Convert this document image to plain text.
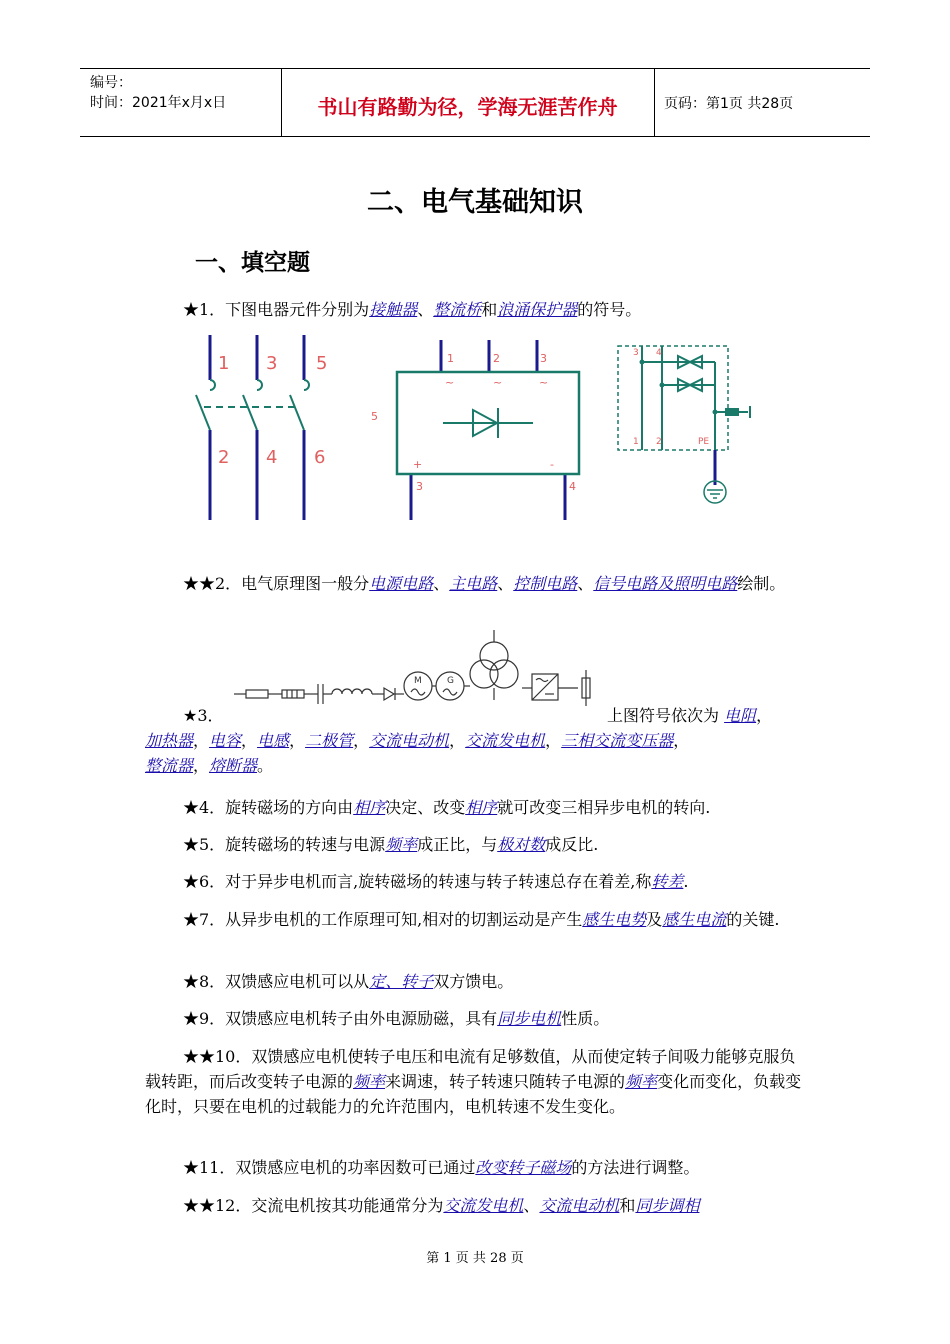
编号：
时间：2021年x月x日	书山有路勤为径，学海无涯苦作舟	页码：第1页 共28页
二、电气基础知识
一、填空题
★1．下图电器元件分别为接触器、整流桥和浪涌保护器的符号。
1 3 5
2 4 6
1	2	3
3	4
+	-
~	~	~
5
3 4
1 2	PE
★★2．电气原理图一般分电源电路、主电路、控制电路、信号电路及照明电路绘制。
M	G
★3．	上图符号依次为 电阻，
加热器，电容，电感，二极管，交流电动机，交流发电机，三相交流变压器，
整流器，熔断器。
★4．旋转磁场的方向由相序决定、改变相序就可改变三相异步电机的转向.
★5．旋转磁场的转速与电源频率成正比，与极对数成反比.
★6．对于异步电机而言,旋转磁场的转速与转子转速总存在着差,称转差.
★7．从异步电机的工作原理可知,相对的切割运动是产生感生电势及感生电流的关键.
★8．双馈感应电机可以从定、转子双方馈电。
★9．双馈感应电机转子由外电源励磁，具有同步电机性质。
★★10．双馈感应电机使转子电压和电流有足够数值，从而使定转子间吸力能够克服负载转距，而后改变转子电源的频率来调速，转子转速只随转子电源的频率变化而变化，负载变化时，只要在电机的过载能力的允许范围内，电机转速不发生变化。
★11．双馈感应电机的功率因数可已通过改变转子磁场的方法进行调整。
★★12．交流电机按其功能通常分为交流发电机、交流电动机和同步调相
第 1 页 共 28 页
